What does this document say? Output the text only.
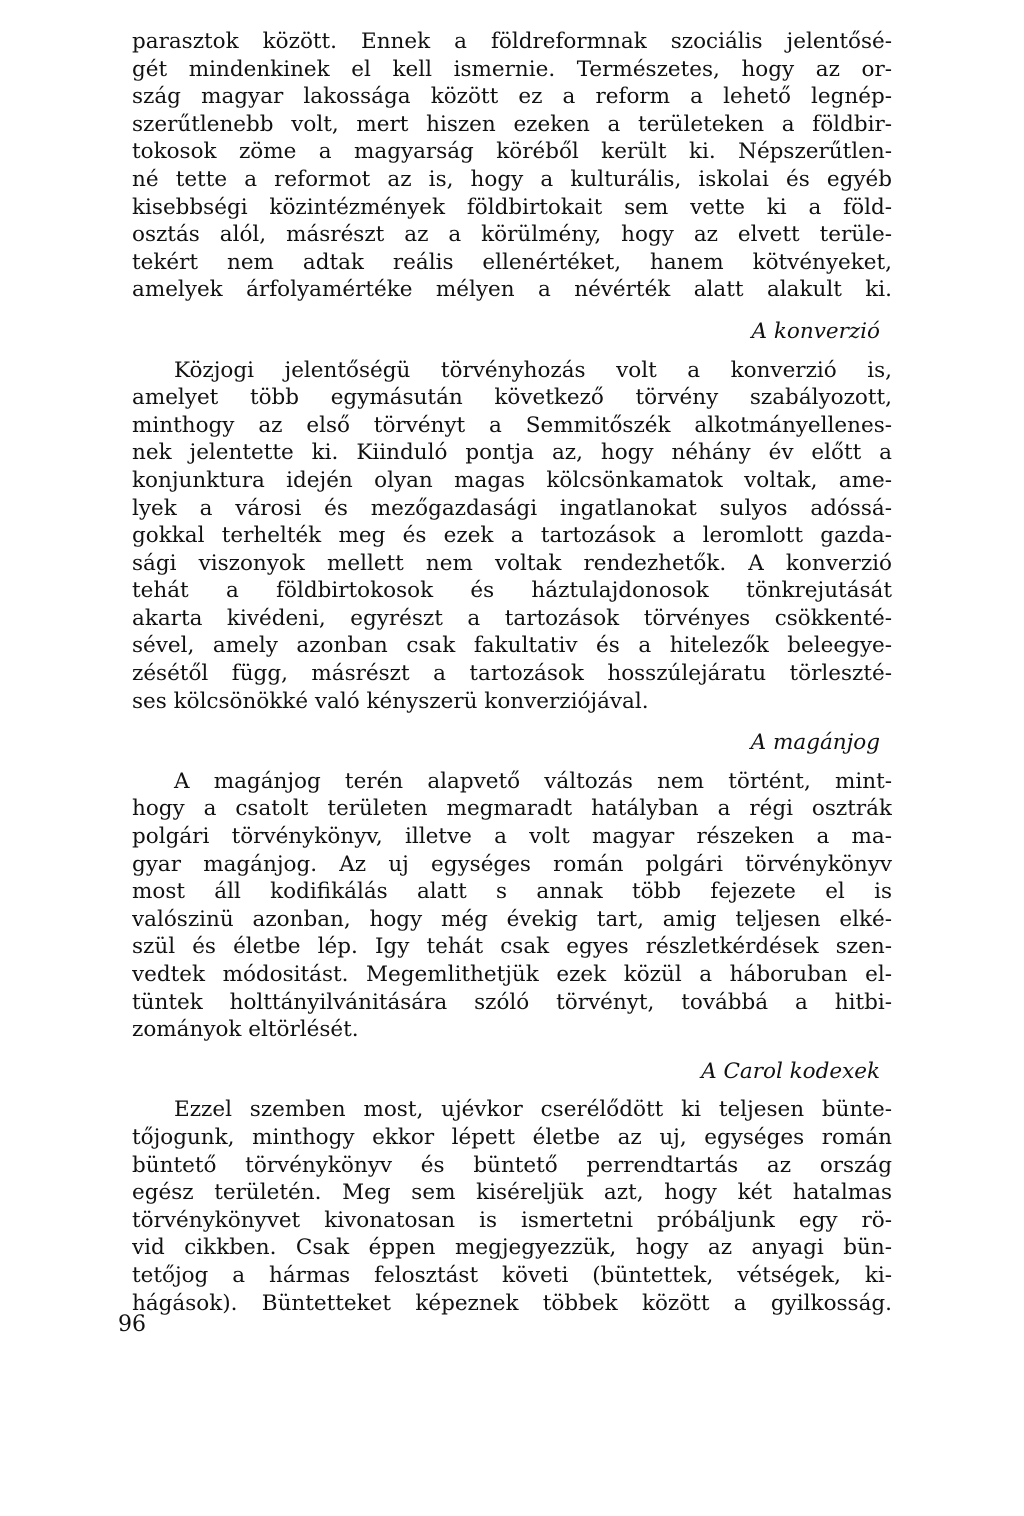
parasztok között. Ennek a földreformnak szociális jelentősé-
gét mindenkinek el kell ismernie. Természetes, hogy az or-
szág magyar lakossága között ez a reform a lehető legnép-
szerűtlenebb volt, mert hiszen ezeken a területeken a földbir-
tokosok zöme a magyarság köréből került ki. Népszerűtlen-
né tette a reformot az is, hogy a kulturális, iskolai és egyéb
kisebbségi közintézmények földbirtokait sem vette ki a föld-
osztás alól, másrészt az a körülmény, hogy az elvett terüle-
tekért nem adtak reális ellenértéket, hanem kötvényeket,
amelyek árfolyamértéke mélyen a névérték alatt alakult ki.

A konverzió

Közjogi jelentőségü törvényhozás volt a konverzió is,
amelyet több egymásután következő törvény szabályozott,
minthogy az első törvényt a Semmitőszék alkotmányellenes-
nek jelentette ki. Kiinduló pontja az, hogy néhány év előtt a
konjunktura idején olyan magas kölcsönkamatok voltak, ame-
lyek a városi és mezőgazdasági ingatlanokat sulyos adóssá-
gokkal terhelték meg és ezek a tartozások a leromlott gazda-
sági viszonyok mellett nem voltak rendezhetők. A konverzió
tehát a földbirtokosok és háztulajdonosok tönkrejutását
akarta kivédeni, egyrészt a tartozások törvényes csökkenté-
sével, amely azonban csak fakultativ és a hitelezők beleegye-
zésétől függ, másrészt a tartozások hosszúlejáratu törleszté-
ses kölcsönökké való kényszerü konverziójával.

A magánjog

A magánjog terén alapvető változás nem történt, mint-
hogy a csatolt területen megmaradt hatályban a régi osztrák
polgári törvénykönyv, illetve a volt magyar részeken a ma-
gyar magánjog. Az uj egységes román polgári törvénykönyv
most áll kodifikálás alatt s annak több fejezete el is
valószinü azonban, hogy még évekig tart, amig teljesen elké-
szül és életbe lép. Igy tehát csak egyes részletkérdések szen-
vedtek módositást. Megemlithetjük ezek közül a háboruban el-
tüntek holttányilvánitására szóló törvényt, továbbá a hitbi-
zományok eltörlését.

A Carol kodexek

Ezzel szemben most, ujévkor cserélődött ki teljesen bünte-
tőjogunk, minthogy ekkor lépett életbe az uj, egységes román
büntető törvénykönyv és büntető perrendtartás az ország
egész területén. Meg sem kiséreljük azt, hogy két hatalmas
törvénykönyvet kivonatosan is ismertetni próbáljunk egy rö-
vid cikkben. Csak éppen megjegyezzük, hogy az anyagi bün-
tetőjog a hármas felosztást követi (büntettek, vétségek, ki-
hágások). Büntetteket képeznek többek között a gyilkosság.

96
